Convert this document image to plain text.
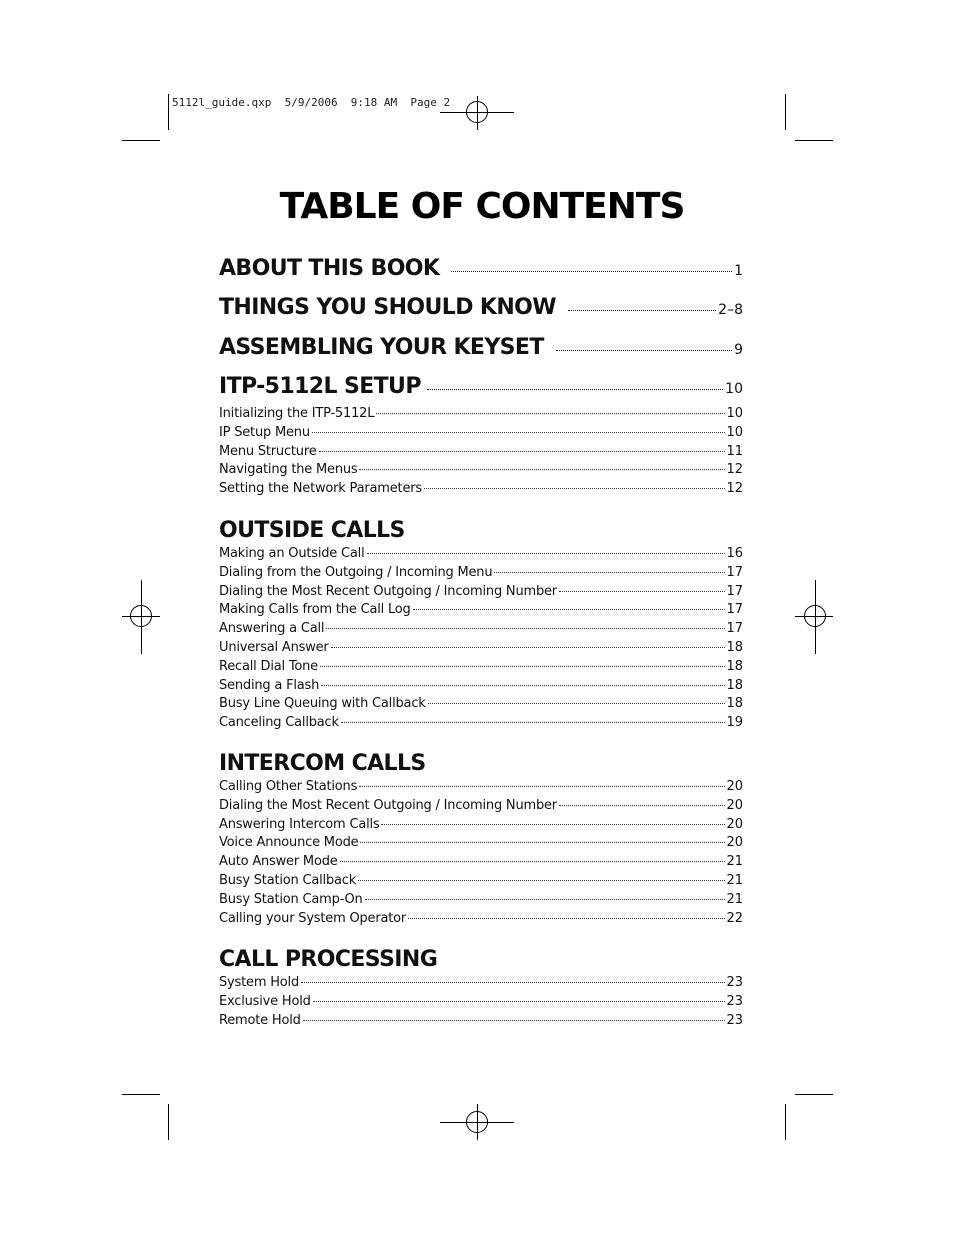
5112l_guide.qxp  5/9/2006  9:18 AM  Page 2
TABLE OF CONTENTS
ABOUT THIS BOOK	1
THINGS YOU SHOULD KNOW	2–8
ASSEMBLING YOUR KEYSET	9
ITP-5112L SETUP	10
Initializing the ITP-5112L	10
IP Setup Menu	10
Menu Structure	11
Navigating the Menus	12
Setting the Network Parameters	12
OUTSIDE CALLS
Making an Outside Call	16
Dialing from the Outgoing / Incoming Menu	17
Dialing the Most Recent Outgoing / Incoming Number	17
Making Calls from the Call Log	17
Answering a Call	17
Universal Answer	18
Recall Dial Tone	18
Sending a Flash	18
Busy Line Queuing with Callback	18
Canceling Callback	19
INTERCOM CALLS
Calling Other Stations	20
Dialing the Most Recent Outgoing / Incoming Number	20
Answering Intercom Calls	20
Voice Announce Mode	20
Auto Answer Mode	21
Busy Station Callback	21
Busy Station Camp-On	21
Calling your System Operator	22
CALL PROCESSING
System Hold	23
Exclusive Hold	23
Remote Hold	23
